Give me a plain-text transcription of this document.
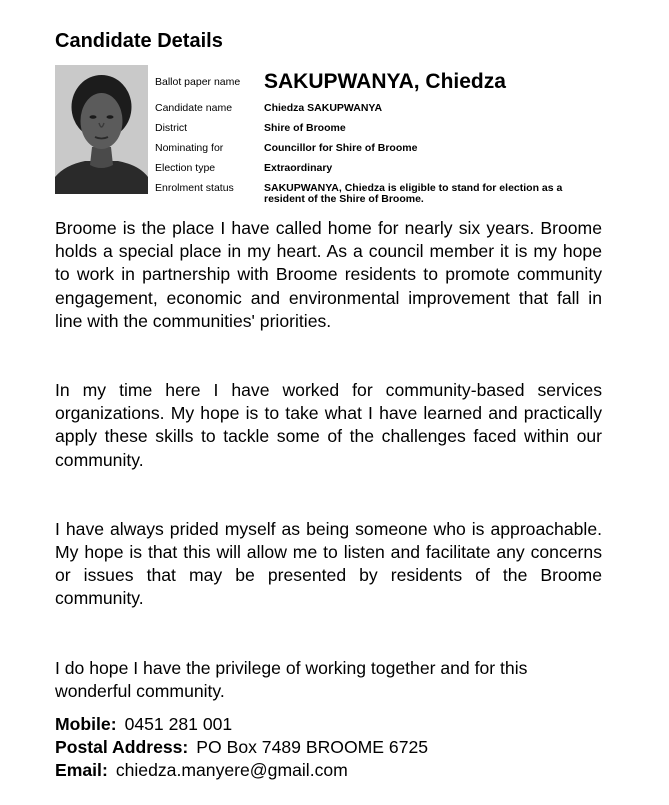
Candidate Details
Ballot paper name	SAKUPWANYA, Chiedza
Candidate name	Chiedza SAKUPWANYA
District	Shire of Broome
Nominating for	Councillor for Shire of Broome
Election type	Extraordinary
Enrolment status	SAKUPWANYA, Chiedza is eligible to stand for election as a resident of the Shire of Broome.

Broome is the place I have called home for nearly six years. Broome holds a special place in my heart. As a council member it is my hope to work in partnership with Broome residents to promote community engagement, economic and environmental improvement that fall in line with the communities' priorities.

In my time here I have worked for community-based services organizations. My hope is to take what I have learned and practically apply these skills to tackle some of the challenges faced within our community.

I have always prided myself as being someone who is approachable. My hope is that this will allow me to listen and facilitate any concerns or issues that may be presented by residents of the Broome community.

I do hope I have the privilege of working together and for this wonderful community.

Mobile: 0451 281 001
Postal Address: PO Box 7489 BROOME 6725
Email: chiedza.manyere@gmail.com
